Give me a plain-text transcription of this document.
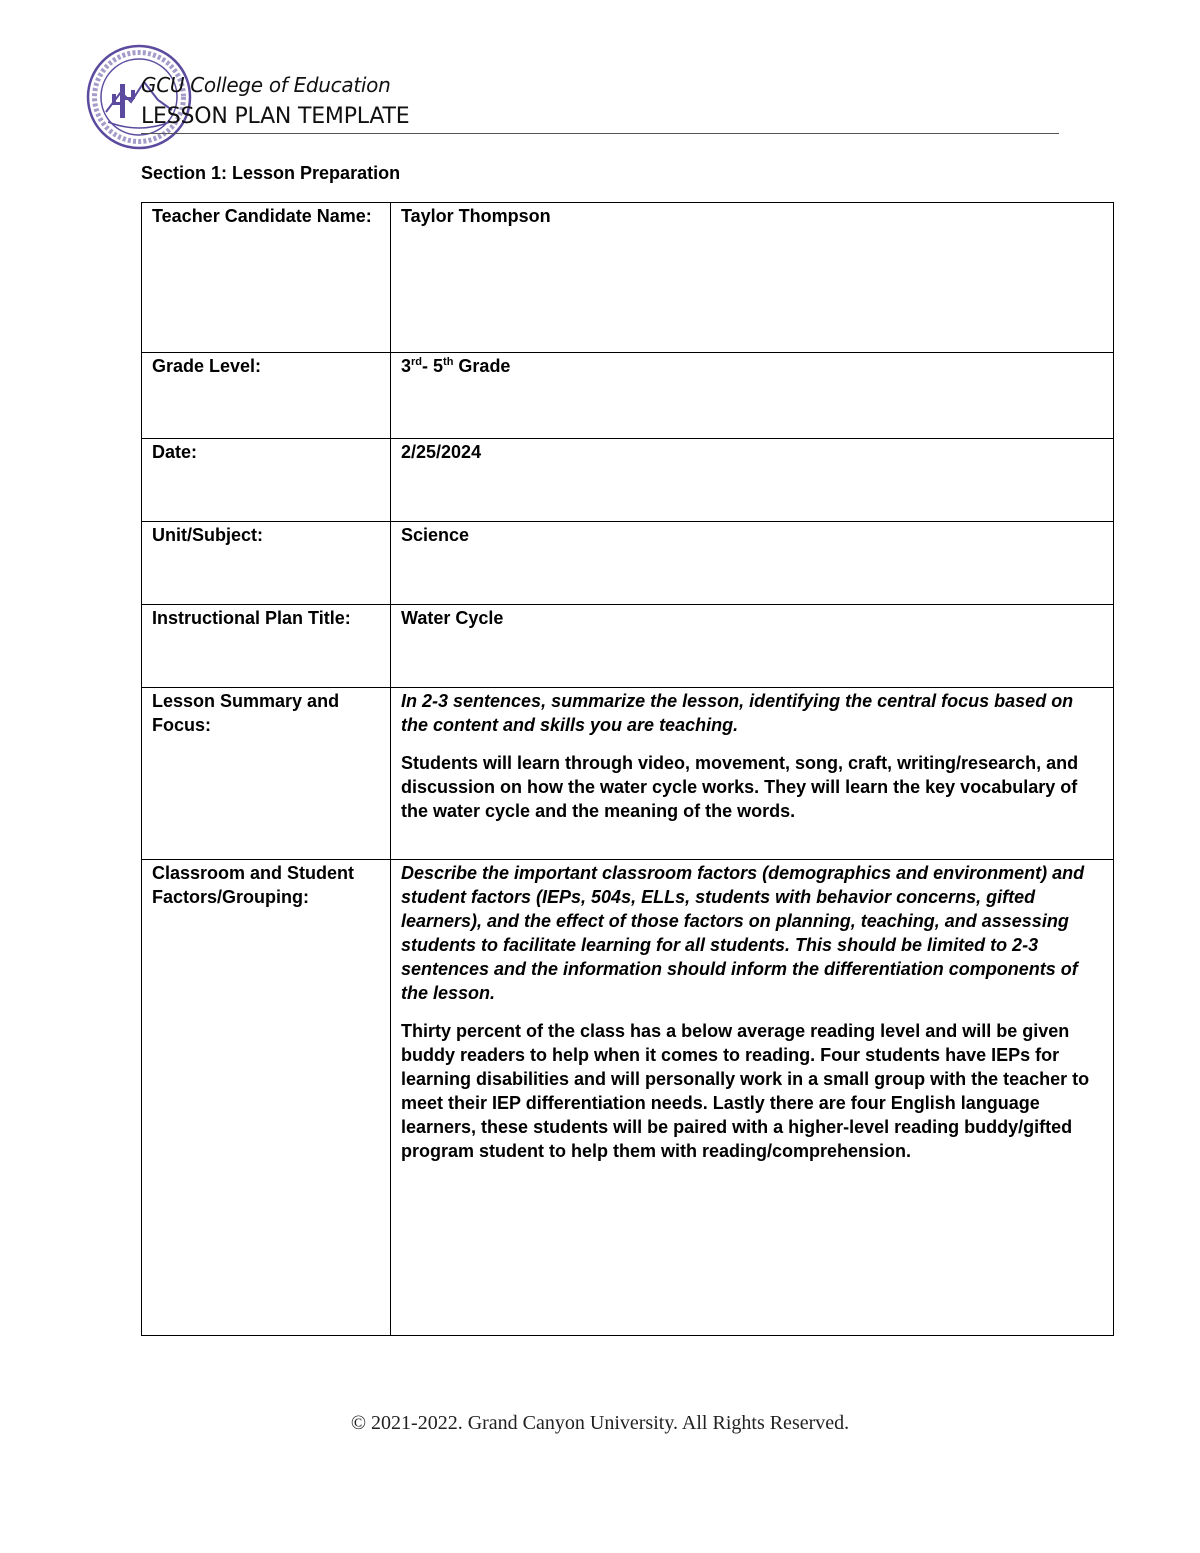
GCU College of Education
LESSON PLAN TEMPLATE
Section 1: Lesson Preparation
Teacher Candidate Name:	Taylor Thompson
Grade Level:	3rd- 5th Grade
Date:	2/25/2024
Unit/Subject:	Science
Instructional Plan Title:	Water Cycle
Lesson Summary and Focus:	In 2-3 sentences, summarize the lesson, identifying the central focus based on the content and skills you are teaching.

Students will learn through video, movement, song, craft, writing/research, and discussion on how the water cycle works. They will learn the key vocabulary of the water cycle and the meaning of the words.

Classroom and Student Factors/Grouping:	Describe the important classroom factors (demographics and environment) and student factors (IEPs, 504s, ELLs, students with behavior concerns, gifted learners), and the effect of those factors on planning, teaching, and assessing students to facilitate learning for all students. This should be limited to 2-3 sentences and the information should inform the differentiation components of the lesson.

Thirty percent of the class has a below average reading level and will be given buddy readers to help when it comes to reading. Four students have IEPs for learning disabilities and will personally work in a small group with the teacher to meet their IEP differentiation needs. Lastly there are four English language learners, these students will be paired with a higher-level reading buddy/gifted program student to help them with reading/comprehension.

© 2021-2022. Grand Canyon University. All Rights Reserved.
